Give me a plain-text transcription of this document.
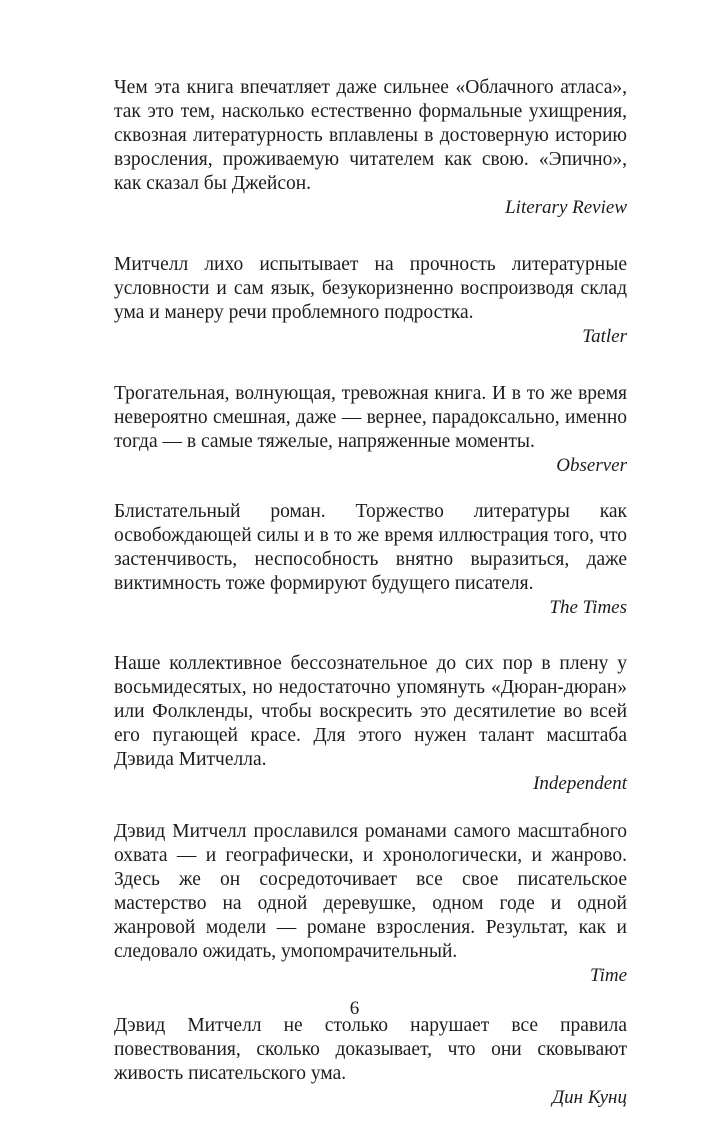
Чем эта книга впечатляет даже сильнее «Облачного атласа», так это тем, насколько естественно формальные ухищрения, сквозная литературность вплавлены в достоверную историю взросления, проживаемую читателем как свою. «Эпично», как сказал бы Джейсон.

Literary Review

Митчелл лихо испытывает на прочность литературные условности и сам язык, безукоризненно воспроизводя склад ума и манеру речи проблемного подростка.

Tatler

Трогательная, волнующая, тревожная книга. И в то же время невероятно смешная, даже — вернее, парадоксально, именно тогда — в самые тяжелые, напряженные моменты.

Observer

Блистательный роман. Торжество литературы как освобождающей силы и в то же время иллюстрация того, что застенчивость, неспособность внятно выразиться, даже виктимность тоже формируют будущего писателя.

The Times

Наше коллективное бессознательное до сих пор в плену у восьмидесятых, но недостаточно упомянуть «Дюран-дюран» или Фолкленды, чтобы воскресить это десятилетие во всей его пугающей красе. Для этого нужен талант масштаба Дэвида Митчелла.

Independent

Дэвид Митчелл прославился романами самого масштабного охвата — и географически, и хронологически, и жанрово. Здесь же он сосредоточивает все свое писательское мастерство на одной деревушке, одном годе и одной жанровой модели — романе взросления. Результат, как и следовало ожидать, умопомрачительный.

Time

Дэвид Митчелл не столько нарушает все правила повествования, сколько доказывает, что они сковывают живость писательского ума.

Дин Кунц

6
